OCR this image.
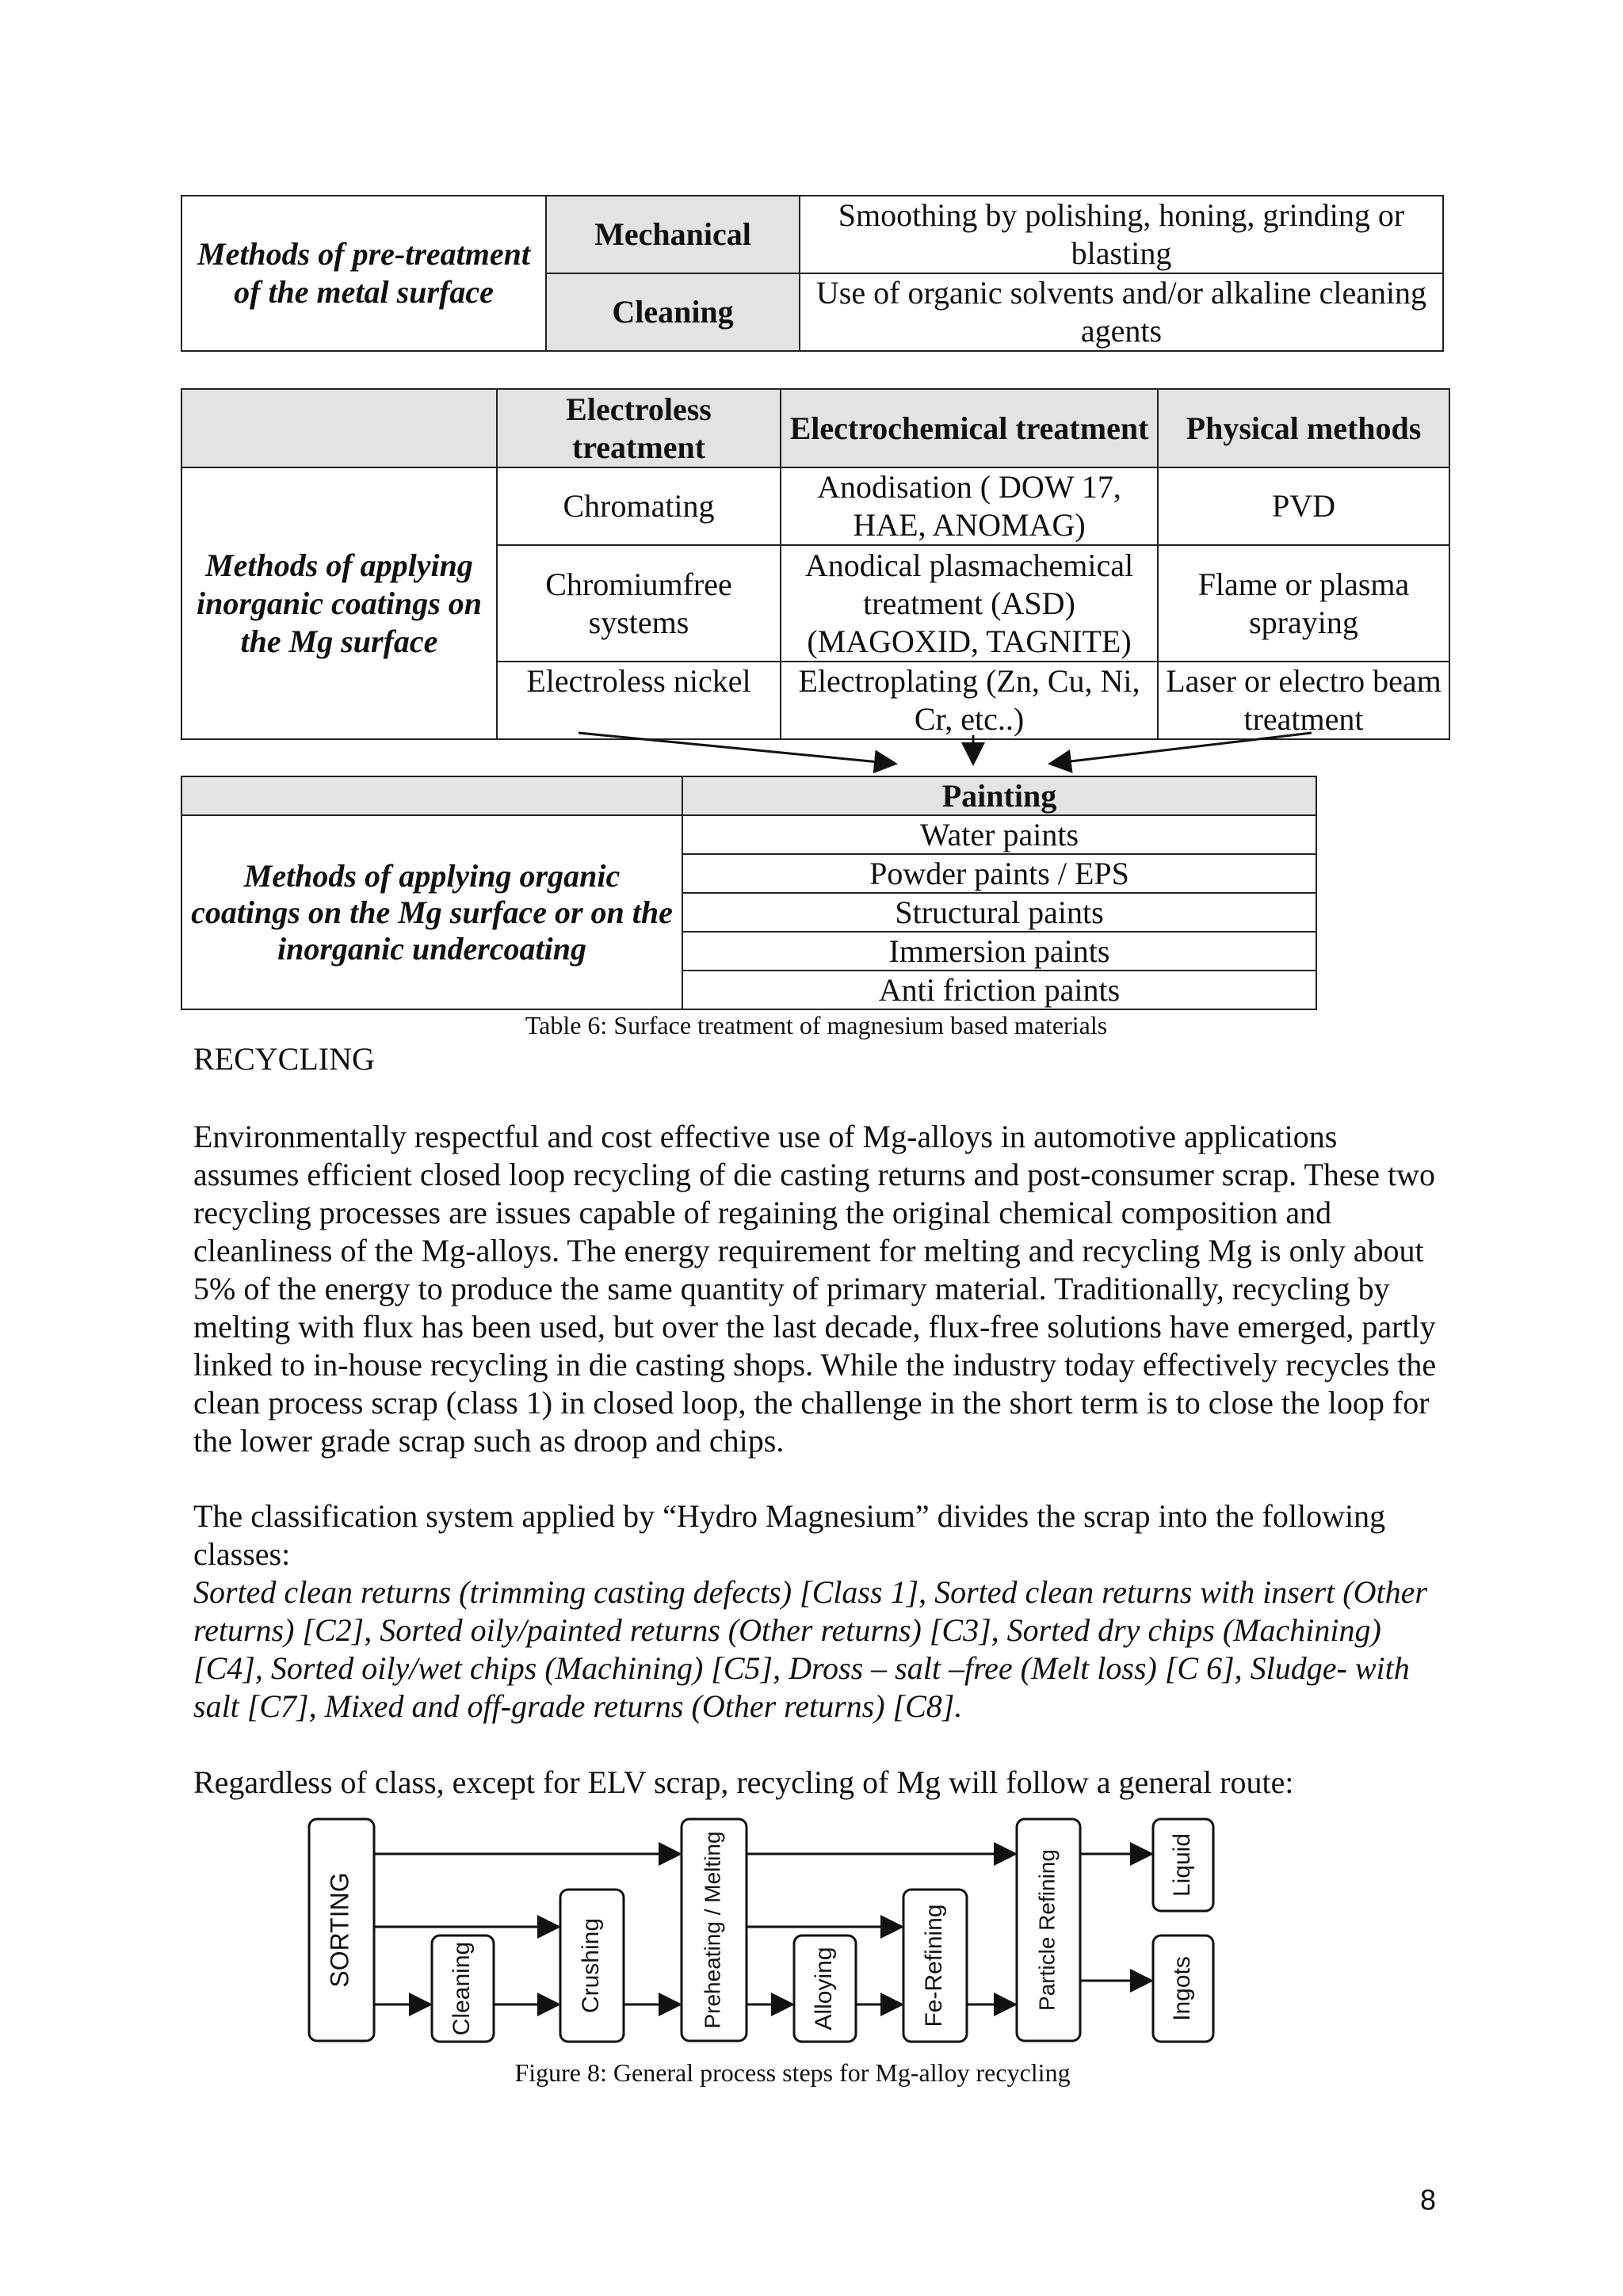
Methods of pre-treatment of the metal surface	Mechanical	Smoothing by polishing, honing, grinding or blasting
	Cleaning	Use of organic solvents and/or alkaline cleaning agents
	Electroless treatment	Electrochemical treatment	Physical methods
Methods of applying inorganic coatings on the Mg surface	Chromating	Anodisation ( DOW 17, HAE, ANOMAG)	PVD
	Chromiumfree systems	Anodical plasmachemical treatment (ASD) (MAGOXID, TAGNITE)	Flame or plasma spraying
	Electroless nickel	Electroplating (Zn, Cu, Ni, Cr, etc..)	Laser or electro beam treatment
	Painting
Methods of applying organic coatings on the Mg surface or on the inorganic undercoating	Water paints
	Powder paints / EPS
	Structural paints
	Immersion paints
	Anti friction paints
Table 6: Surface treatment of magnesium based materials
RECYCLING

Environmentally respectful and cost effective use of Mg-alloys in automotive applications assumes efficient closed loop recycling of die casting returns and post-consumer scrap. These two recycling processes are issues capable of regaining the original chemical composition and cleanliness of the Mg-alloys. The energy requirement for melting and recycling Mg is only about 5% of the energy to produce the same quantity of primary material. Traditionally, recycling by melting with flux has been used, but over the last decade, flux-free solutions have emerged, partly linked to in-house recycling in die casting shops. While the industry today effectively recycles the clean process scrap (class 1) in closed loop, the challenge in the short term is to close the loop for the lower grade scrap such as droop and chips.

The classification system applied by “Hydro Magnesium” divides the scrap into the following classes:

Sorted clean returns (trimming casting defects) [Class 1], Sorted clean returns with insert (Other returns) [C2], Sorted oily/painted returns (Other returns) [C3], Sorted dry chips (Machining) [C4], Sorted oily/wet chips (Machining) [C5], Dross – salt –free (Melt loss) [C 6], Sludge- with salt [C7], Mixed and off-grade returns (Other returns) [C8].

Regardless of class, except for ELV scrap, recycling of Mg will follow a general route:

SORTING
Cleaning	Crushing	Preheating / Melting	Alloying	Fe-Refining	Particle Refining	Liquid
Ingots
Figure 8: General process steps for Mg-alloy recycling
8
